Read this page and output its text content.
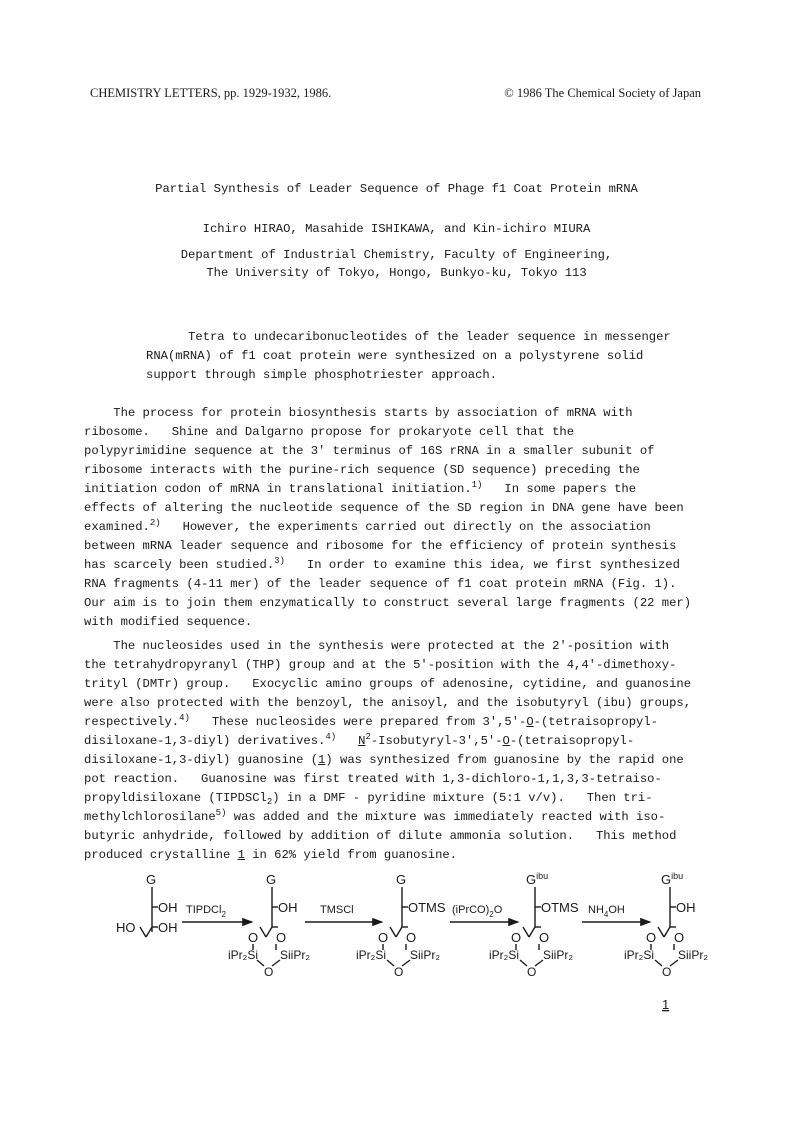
CHEMISTRY LETTERS, pp. 1929-1932, 1986.	© 1986 The Chemical Society of Japan
Partial Synthesis of Leader Sequence of Phage f1 Coat Protein mRNA
Ichiro HIRAO, Masahide ISHIKAWA, and Kin-ichiro MIURA
Department of Industrial Chemistry, Faculty of Engineering,
The University of Tokyo, Hongo, Bunkyo-ku, Tokyo 113
Tetra to undecaribonucleotides of the leader sequence in messenger
RNA(mRNA) of f1 coat protein were synthesized on a polystyrene solid
support through simple phosphotriester approach.
The process for protein biosynthesis starts by association of mRNA with
ribosome.   Shine and Dalgarno propose for prokaryote cell that the
polypyrimidine sequence at the 3' terminus of 16S rRNA in a smaller subunit of
ribosome interacts with the purine-rich sequence (SD sequence) preceding the
initiation codon of mRNA in translational initiation.$^{1)}$   In some papers the
effects of altering the nucleotide sequence of the SD region in DNA gene have been
examined.$^{2)}$   However, the experiments carried out directly on the association
between mRNA leader sequence and ribosome for the efficiency of protein synthesis
has scarcely been studied.$^{3)}$   In order to examine this idea, we first synthesized
RNA fragments (4-11 mer) of the leader sequence of f1 coat protein mRNA (Fig. 1).
Our aim is to join them enzymatically to construct several large fragments (22 mer)
with modified sequence.
The nucleosides used in the synthesis were protected at the 2'-position with
the tetrahydropyranyl (THP) group and at the 5'-position with the 4,4'-dimethoxy-
trityl (DMTr) group.   Exocyclic amino groups of adenosine, cytidine, and guanosine
were also protected with the benzoyl, the anisoyl, and the isobutyryl (ibu) groups,
respectively.$^{4)}$   These nucleosides were prepared from 3',5'-O-(tetraisopropyl-
disiloxane-1,3-diyl) derivatives.$^{4)}$ $N^2-Isobutyryl-3',5'-O-(tetraisopropyl-$
disiloxane-1,3-diyl) guanosine (1) was synthesized from guanosine by the rapid one
pot reaction.   Guanosine was first treated with 1,3-dichloro-1,1,3,3-tetraiso-
propyldisiloxane (TIPDSCl$_2$) in a DMF - pyridine mixture (5:1 v/v).   Then tri-
methylchlorosilane$^{5)}$ was added and the mixture was immediately reacted with iso-
butyric anhydride, followed by addition of dilute ammonia solution.   This method
produced crystalline 1 in 62% yield from guanosine.
G
OH
HO OH
G
OH
O O
iPr₂Si SiiPr₂
O
G
OTMS
O O
iPr₂Si SiiPr₂
O
$G^{ibu}$
OTMS
O O
iPr₂Si SiiPr₂
O
$G^{ibu}$
OH
O O
iPr₂Si SiiPr₂
O
1
TIPDCl$_2$	TMSCl	$(iPrCO)_2O$	$NH_4OH$
